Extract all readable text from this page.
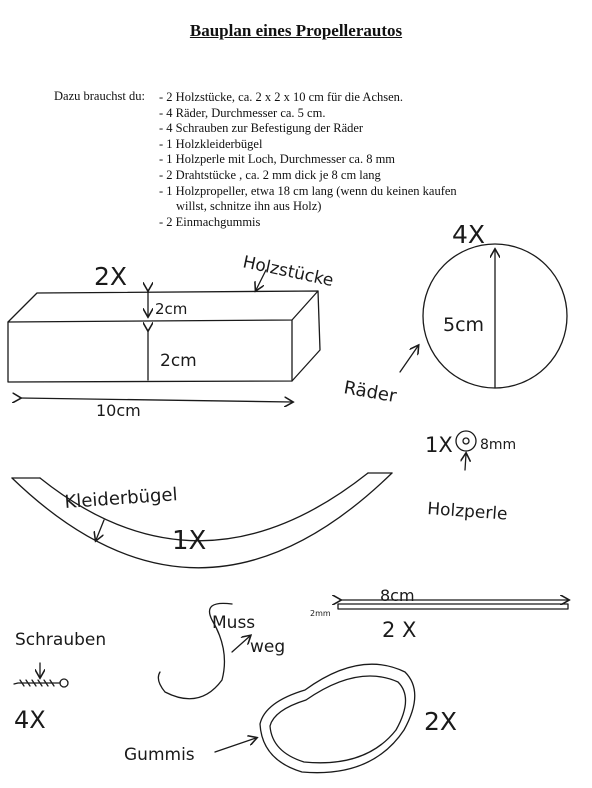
Bauplan eines Propellerautos
Dazu brauchst du: - 2 Holzstücke, ca. 2 x 2 x 10 cm für die Achsen.
- 4 Räder, Durchmesser ca. 5 cm.
- 4 Schrauben zur Befestigung der Räder
- 1 Holzkleiderbügel
- 1 Holzperle mit Loch, Durchmesser ca. 8 mm
- 2 Drahtstücke , ca. 2 mm dick je 8 cm lang
- 1 Holzpropeller, etwa 18 cm lang (wenn du keinen kaufen
willst, schnitze ihn aus Holz)
- 2 Einmachgummis
2X	Holzstücke
2cm
2cm
10cm
4X
5cm
Räder
1X 8mm
Holzperle
Kleiderbügel
1X
Muss
weg
8cm
2mm
2 X
Schrauben
4X
Gummis
2X
